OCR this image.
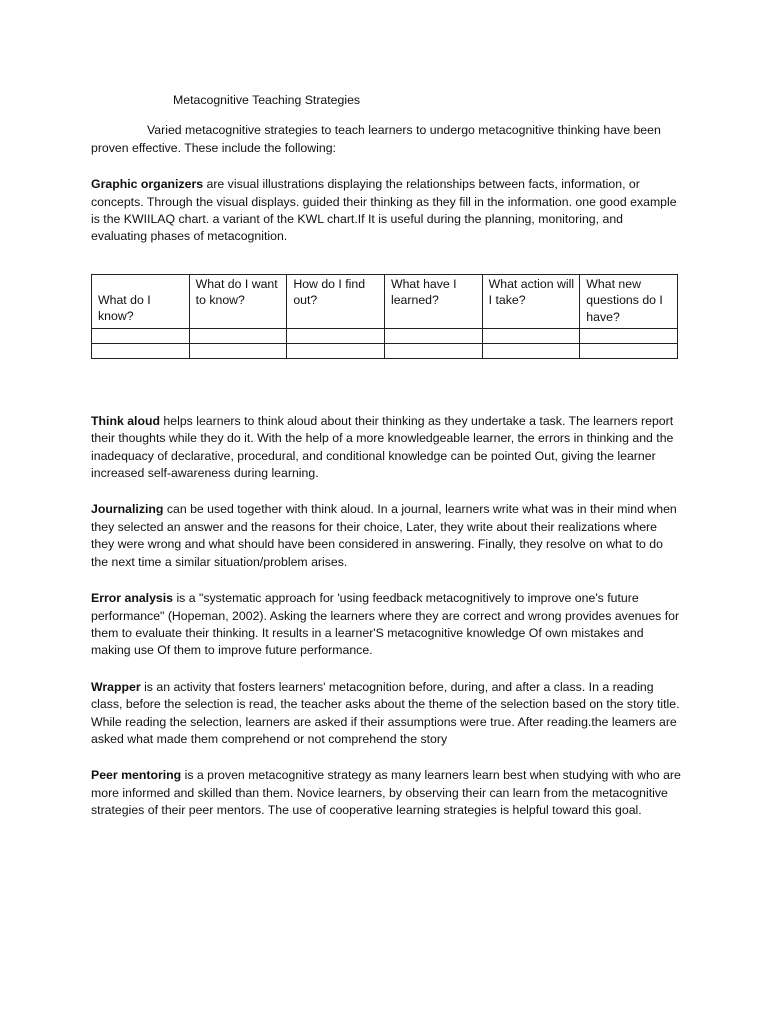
Metacognitive Teaching Strategies

Varied metacognitive strategies to teach learners to undergo metacognitive thinking have been proven effective. These include the following:

Graphic organizers are visual illustrations displaying the relationships between facts, information, or concepts. Through the visual displays. guided their thinking as they fill in the information. one good example is the KWIILAQ chart. a variant of the KWL chart.If It is useful during the planning, monitoring, and evaluating phases of metacognition.

What do I know?	What do I want to know?	How do I find out?	What have I learned?	What action will I take?	What new questions do I have?

Think aloud helps learners to think aloud about their thinking as they undertake a task. The learners report their thoughts while they do it. With the help of a more knowledgeable learner, the errors in thinking and the inadequacy of declarative, procedural, and conditional knowledge can be pointed Out, giving the learner increased self-awareness during learning.

Journalizing can be used together with think aloud. In a journal, learners write what was in their mind when they selected an answer and the reasons for their choice, Later, they write about their realizations where they were wrong and what should have been considered in answering. Finally, they resolve on what to do the next time a similar situation/problem arises.

Error analysis is a "systematic approach for 'using feedback metacognitively to improve one's future performance" (Hopeman, 2002). Asking the learners where they are correct and wrong provides avenues for them to evaluate their thinking. It results in a learner'S metacognitive knowledge Of own mistakes and making use Of them to improve future performance.

Wrapper is an activity that fosters learners' metacognition before, during, and after a class. In a reading class, before the selection is read, the teacher asks about the theme of the selection based on the story title. While reading the selection, learners are asked if their assumptions were true. After reading.the leamers are asked what made them comprehend or not comprehend the story

Peer mentoring is a proven metacognitive strategy as many learners learn best when studying with who are more informed and skilled than them. Novice learners, by observing their can learn from the metacognitive strategies of their peer mentors. The use of cooperative learning strategies is helpful toward this goal.
